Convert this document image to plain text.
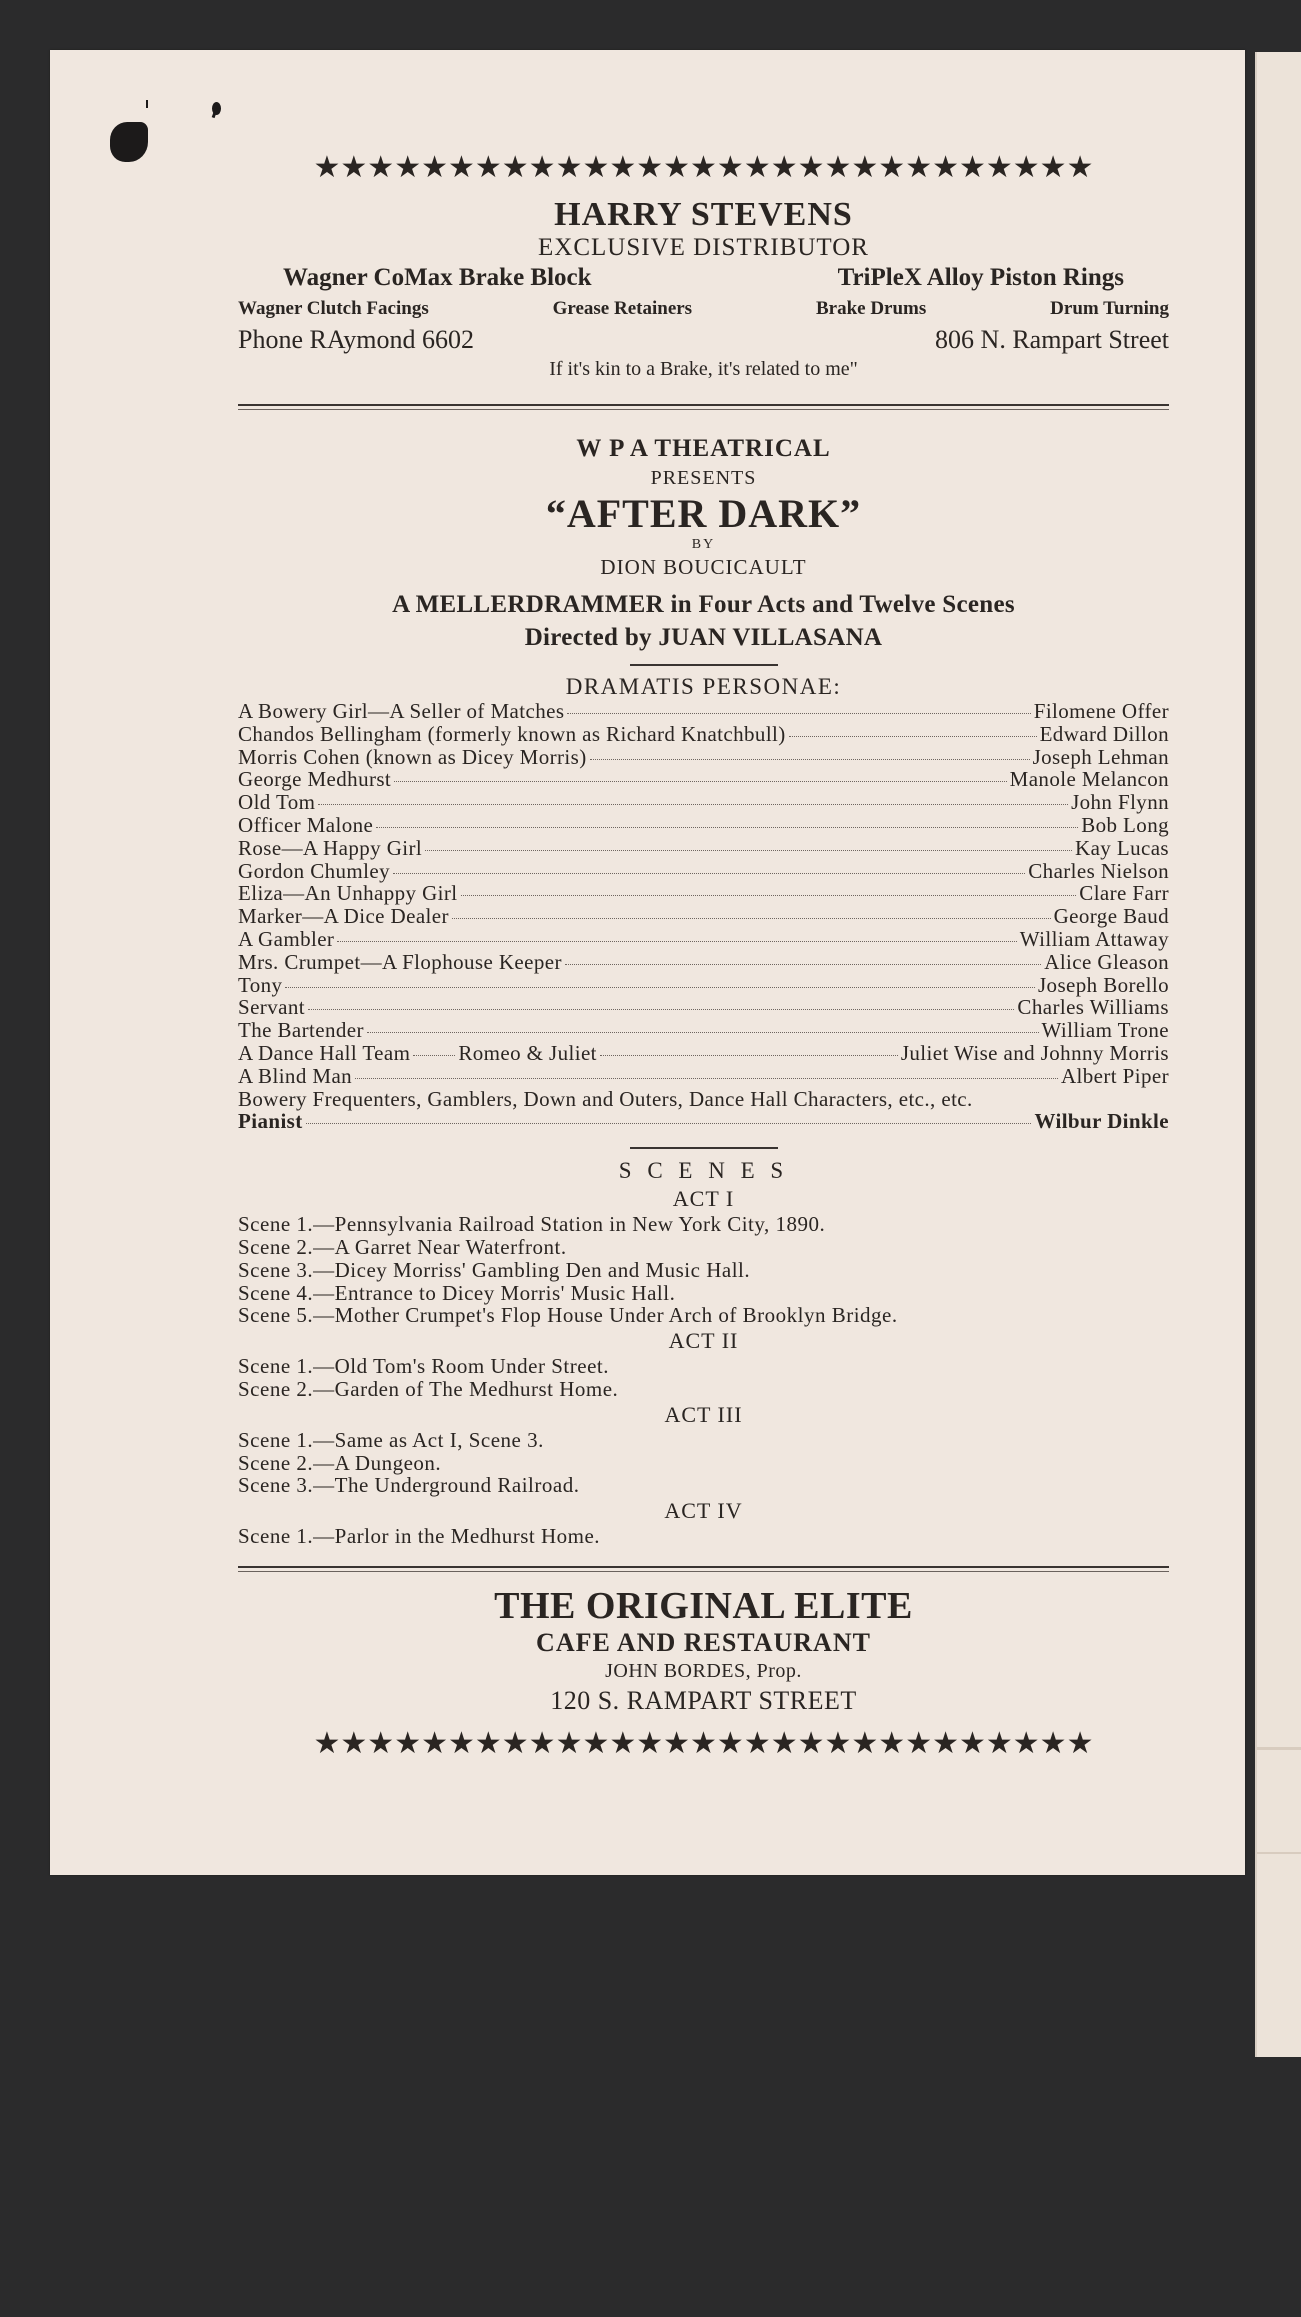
★★★★★★★★★★★★★★★★★★★★★★★★★★★★★
HARRY STEVENS
EXCLUSIVE DISTRIBUTOR
Wagner CoMax Brake Block	TriPleX Alloy Piston Rings
Wagner Clutch Facings	Grease Retainers	Brake Drums	Drum Turning
Phone RAymond 6602	806 N. Rampart Street
If it's kin to a Brake, it's related to me"
W P A THEATRICAL
PRESENTS
“AFTER DARK”
BY
DION BOUCICAULT
A MELLERDRAMMER in Four Acts and Twelve Scenes
Directed by JUAN VILLASANA
DRAMATIS PERSONAE:
A Bowery Girl—A Seller of Matches	Filomene Offer
Chandos Bellingham (formerly known as Richard Knatchbull)	Edward Dillon
Morris Cohen (known as Dicey Morris)	Joseph Lehman
George Medhurst	Manole Melancon
Old Tom	John Flynn
Officer Malone	Bob Long
Rose—A Happy Girl	Kay Lucas
Gordon Chumley	Charles Nielson
Eliza—An Unhappy Girl	Clare Farr
Marker—A Dice Dealer	George Baud
A Gambler	William Attaway
Mrs. Crumpet—A Flophouse Keeper	Alice Gleason
Tony	Joseph Borello
Servant	Charles Williams
The Bartender	William Trone
A Dance Hall Team Romeo & Juliet	Juliet Wise and Johnny Morris
A Blind Man	Albert Piper
Bowery Frequenters, Gamblers, Down and Outers, Dance Hall Characters, etc., etc.
Pianist	Wilbur Dinkle
S C E N E S
ACT I
Scene 1.—Pennsylvania Railroad Station in New York City, 1890.
Scene 2.—A Garret Near Waterfront.
Scene 3.—Dicey Morriss' Gambling Den and Music Hall.
Scene 4.—Entrance to Dicey Morris' Music Hall.
Scene 5.—Mother Crumpet's Flop House Under Arch of Brooklyn Bridge.
ACT II
Scene 1.—Old Tom's Room Under Street.
Scene 2.—Garden of The Medhurst Home.
ACT III
Scene 1.—Same as Act I, Scene 3.
Scene 2.—A Dungeon.
Scene 3.—The Underground Railroad.
ACT IV
Scene 1.—Parlor in the Medhurst Home.
THE ORIGINAL ELITE
CAFE AND RESTAURANT
JOHN BORDES, Prop.
120 S. RAMPART STREET
★★★★★★★★★★★★★★★★★★★★★★★★★★★★★
